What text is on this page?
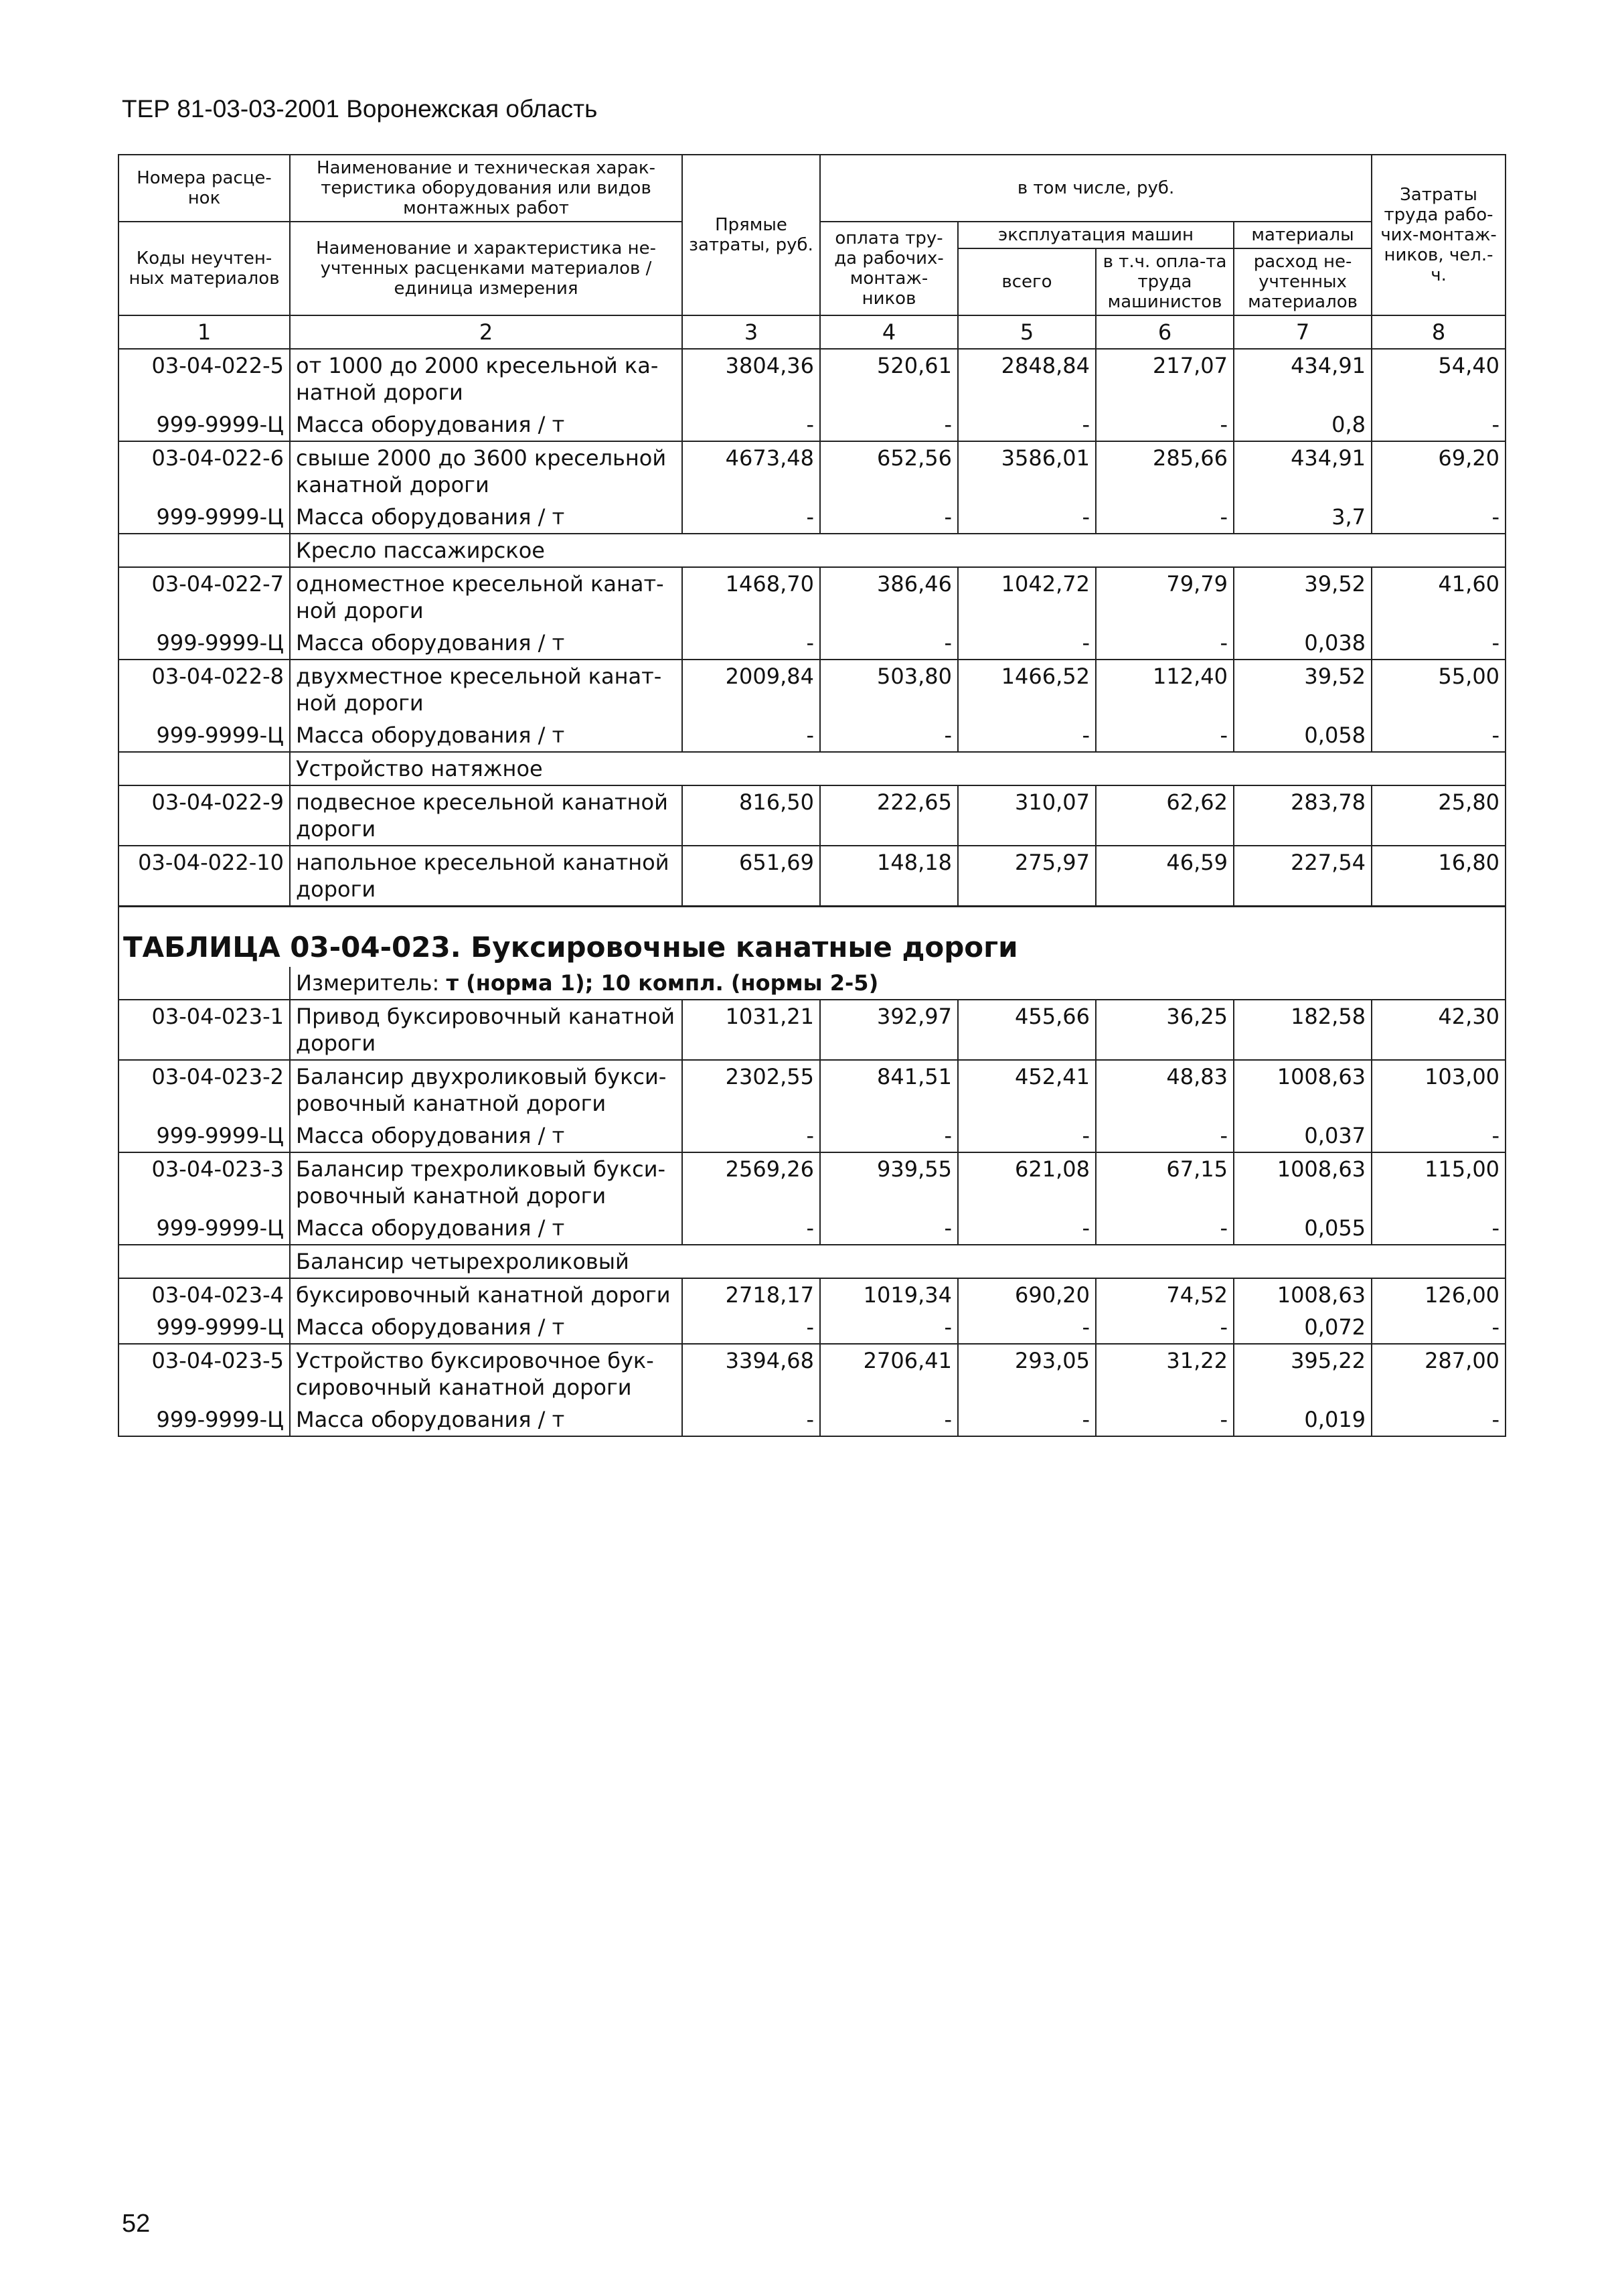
ТЕР 81-03-03-2001 Воронежская область
Номера расце-нок	Наименование и техническая харак-теристика оборудования или видов монтажных работ	Прямые затраты, руб.	в том числе, руб.				Затраты труда рабо-чих-монтаж-ников, чел.-ч.
Коды неучтен-ных материалов	Наименование и характеристика не-учтенных расценками материалов / единица измерения		оплата тру-да рабочих-монтаж-ников	эксплуатация машин		материалы	
				всего	в т.ч. опла-та труда машинистов	расход не-учтенных материалов	
1	2	3	4	5	6	7	8
03-04-022-5	от 1000 до 2000 кресельной ка-натной дороги	3804,36	520,61	2848,84	217,07	434,91	54,40
999-9999-Ц	Масса оборудования / т	-	-	-	-	0,8	-
03-04-022-6	свыше 2000 до 3600 кресельной канатной дороги	4673,48	652,56	3586,01	285,66	434,91	69,20
999-9999-Ц	Масса оборудования / т	-	-	-	-	3,7	-
	Кресло пассажирское						
03-04-022-7	одноместное кресельной канат-ной дороги	1468,70	386,46	1042,72	79,79	39,52	41,60
999-9999-Ц	Масса оборудования / т	-	-	-	-	0,038	-
03-04-022-8	двухместное кресельной канат-ной дороги	2009,84	503,80	1466,52	112,40	39,52	55,00
999-9999-Ц	Масса оборудования / т	-	-	-	-	0,058	-
	Устройство натяжное						
03-04-022-9	подвесное кресельной канатной дороги	816,50	222,65	310,07	62,62	283,78	25,80
03-04-022-10	напольное кресельной канатной дороги	651,69	148,18	275,97	46,59	227,54	16,80
ТАБЛИЦА 03-04-023. Буксировочные канатные дороги							
	Измеритель: т (норма 1); 10 компл. (нормы 2-5)						
03-04-023-1	Привод буксировочный канатной дороги	1031,21	392,97	455,66	36,25	182,58	42,30
03-04-023-2	Балансир двухроликовый букси-ровочный канатной дороги	2302,55	841,51	452,41	48,83	1008,63	103,00
999-9999-Ц	Масса оборудования / т	-	-	-	-	0,037	-
03-04-023-3	Балансир трехроликовый букси-ровочный канатной дороги	2569,26	939,55	621,08	67,15	1008,63	115,00
999-9999-Ц	Масса оборудования / т	-	-	-	-	0,055	-
	Балансир четырехроликовый						
03-04-023-4	буксировочный канатной дороги	2718,17	1019,34	690,20	74,52	1008,63	126,00
999-9999-Ц	Масса оборудования / т	-	-	-	-	0,072	-
03-04-023-5	Устройство буксировочное бук-сировочный канатной дороги	3394,68	2706,41	293,05	31,22	395,22	287,00
999-9999-Ц	Масса оборудования / т	-	-	-	-	0,019	-
52
